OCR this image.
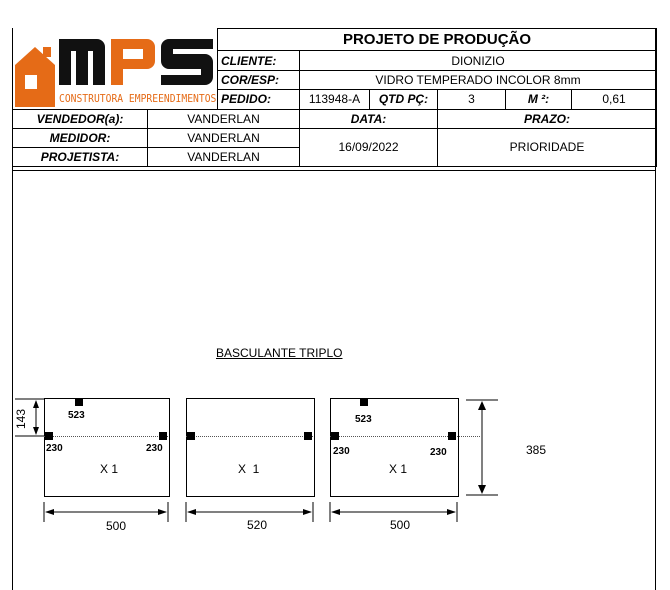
CONSTRUTORA EMPREENDIMENTOS		PROJETO DE PRODUÇÃO					
		CLIENTE:	DIONIZIO				
		COR/ESP:	VIDRO TEMPERADO INCOLOR 8mm				
		PEDIDO:	113948-A	QTD PÇ:	3	M ²:	0,61
VENDEDOR(a):	VANDERLAN		DATA:		PRAZO:		
MEDIDOR:	VANDERLAN		16/09/2022		PRIORIDADE		
PROJETISTA:	VANDERLAN						
BASCULANTE TRIPLO
143	523
230	230
X 1	X  1
523
230	230
X 1
385
500	520	500
